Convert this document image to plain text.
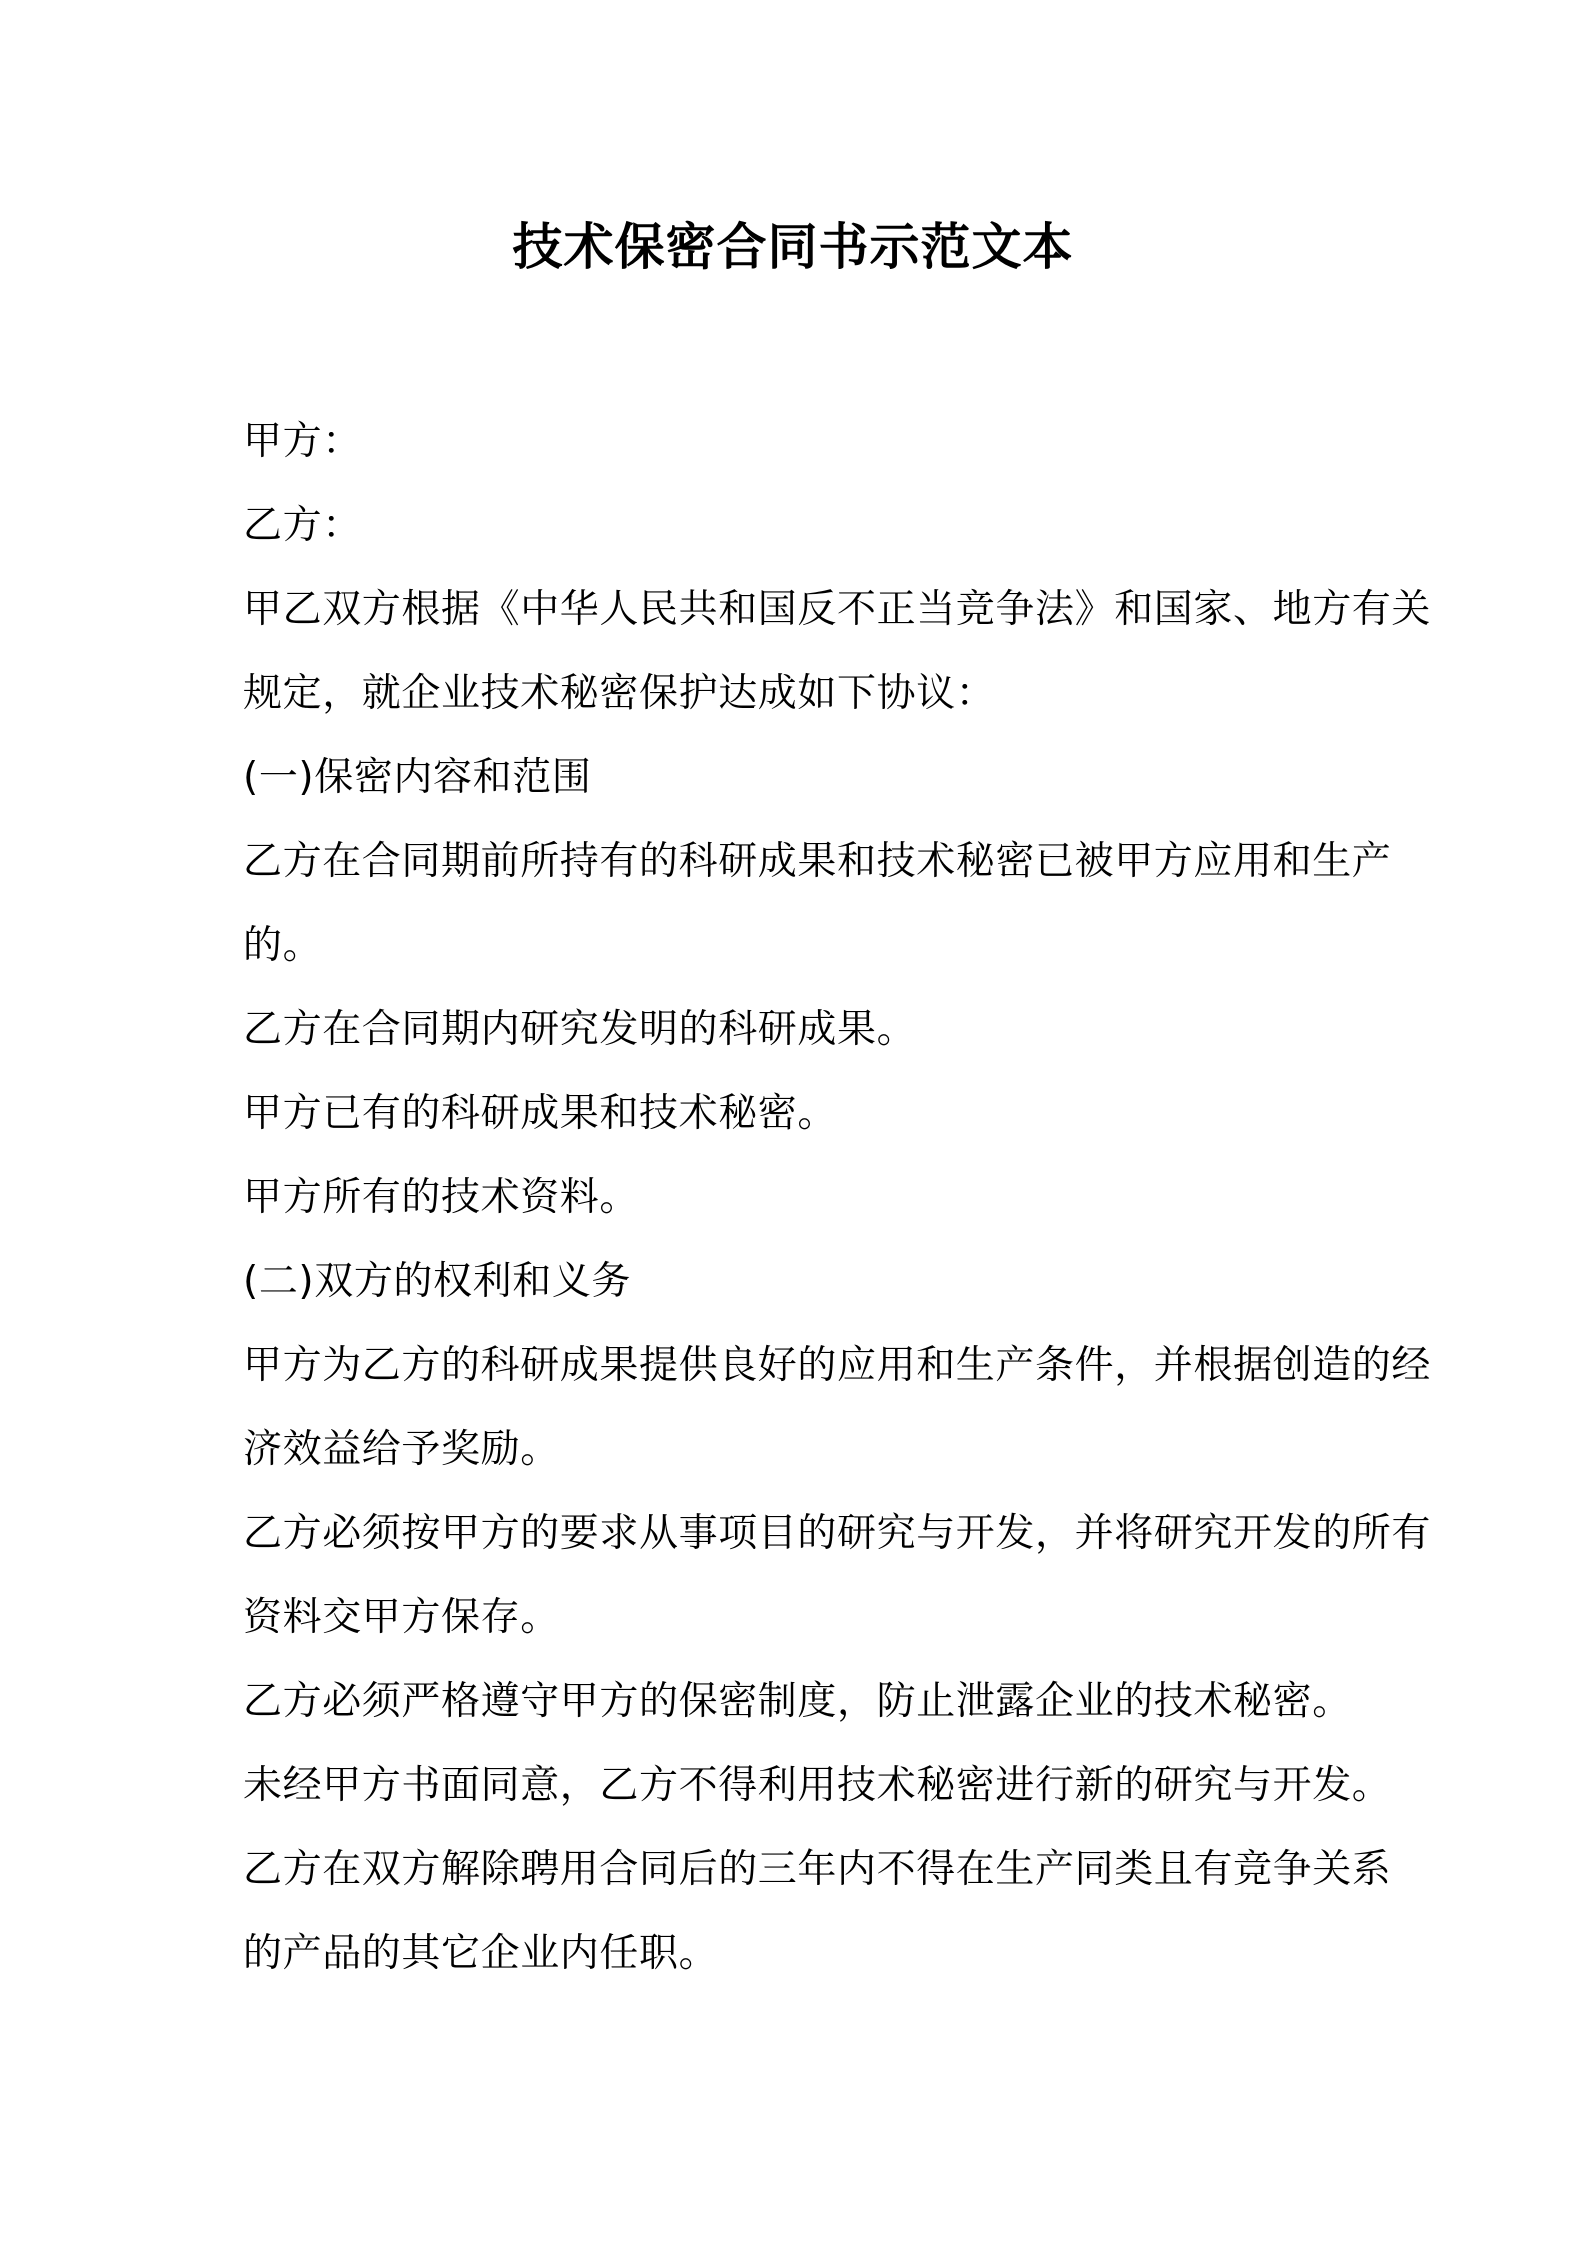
技术保密合同书示范文本
甲方：
乙方：
甲乙双方根据《中华人民共和国反不正当竞争法》和国家、地方有关
规定，就企业技术秘密保护达成如下协议：
(一)保密内容和范围
乙方在合同期前所持有的科研成果和技术秘密已被甲方应用和生产
的。
乙方在合同期内研究发明的科研成果。
甲方已有的科研成果和技术秘密。
甲方所有的技术资料。
(二)双方的权利和义务
甲方为乙方的科研成果提供良好的应用和生产条件，并根据创造的经
济效益给予奖励。
乙方必须按甲方的要求从事项目的研究与开发，并将研究开发的所有
资料交甲方保存。
乙方必须严格遵守甲方的保密制度，防止泄露企业的技术秘密。
未经甲方书面同意，乙方不得利用技术秘密进行新的研究与开发。
乙方在双方解除聘用合同后的三年内不得在生产同类且有竞争关系
的产品的其它企业内任职。
